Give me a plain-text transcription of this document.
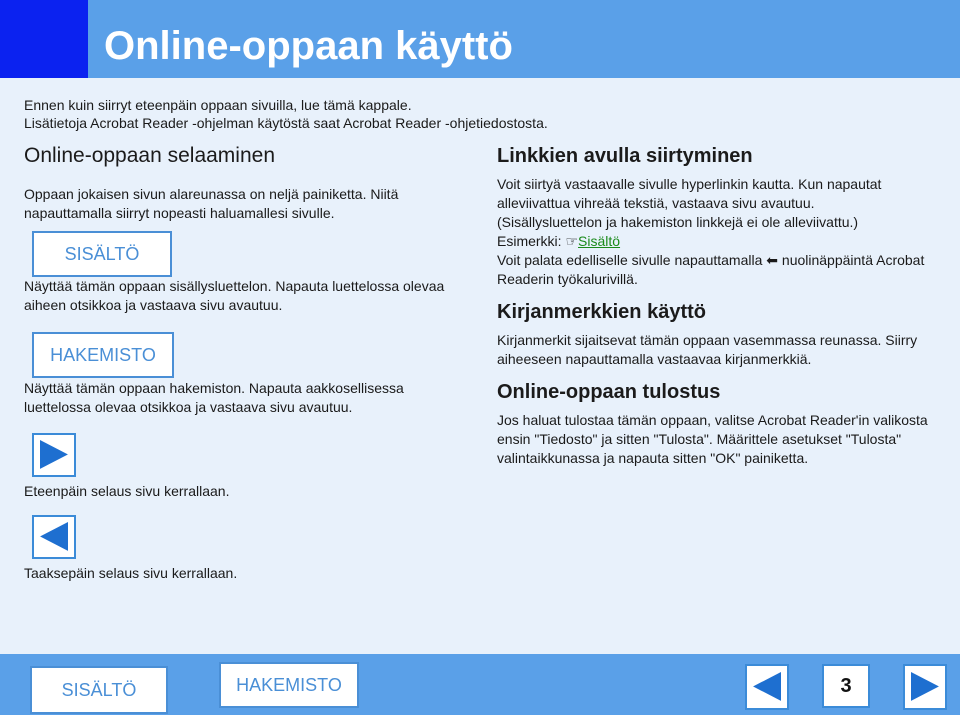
Online-oppaan käyttö

Ennen kuin siirryt eteenpäin oppaan sivuilla, lue tämä kappale.

Lisätietoja Acrobat Reader -ohjelman käytöstä saat Acrobat Reader -ohjetiedostosta.

Online-oppaan selaaminen

Oppaan jokaisen sivun alareunassa on neljä painiketta. Niitä napauttamalla siirryt nopeasti haluamallesi sivulle.

SISÄLTÖ

Näyttää tämän oppaan sisällysluettelon. Napauta luettelossa olevaa aiheen otsikkoa ja vastaava sivu avautuu.

HAKEMISTO

Näyttää tämän oppaan hakemiston. Napauta aakkosellisessa luettelossa olevaa otsikkoa ja vastaava sivu avautuu.

Eteenpäin selaus sivu kerrallaan.

Taaksepäin selaus sivu kerrallaan.

Linkkien avulla siirtyminen

Voit siirtyä vastaavalle sivulle hyperlinkin kautta. Kun napautat alleviivattua vihreää tekstiä, vastaava sivu avautuu.

(Sisällysluettelon ja hakemiston linkkejä ei ole alleviivattu.)

Esimerkki: ☞Sisältö

Voit palata edelliselle sivulle napauttamalla ⬅ nuolinäppäintä Acrobat Readerin työkalurivillä.

Kirjanmerkkien käyttö

Kirjanmerkit sijaitsevat tämän oppaan vasemmassa reunassa. Siirry aiheeseen napauttamalla vastaavaa kirjanmerkkiä.

Online-oppaan tulostus

Jos haluat tulostaa tämän oppaan, valitse Acrobat Reader'in valikosta ensin "Tiedosto" ja sitten "Tulosta". Määrittele asetukset "Tulosta" valintaikkunassa ja napauta sitten "OK" painiketta.

SISÄLTÖ	HAKEMISTO	3
